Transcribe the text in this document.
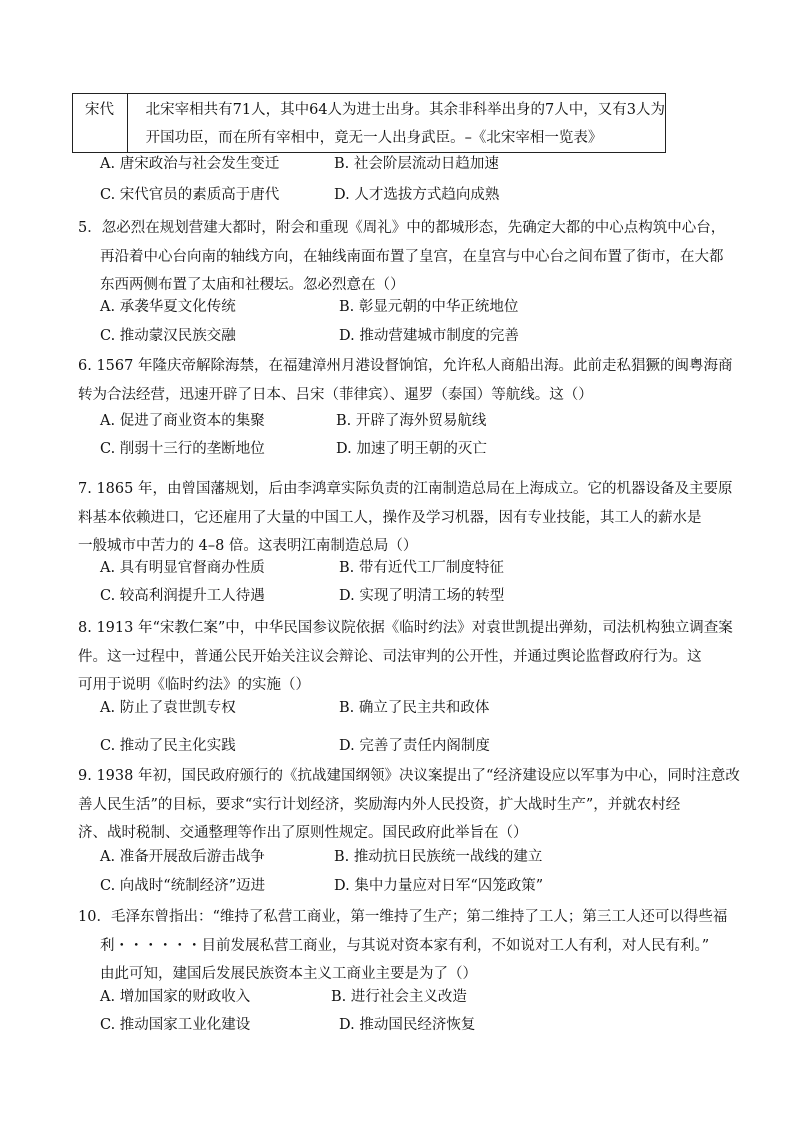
宋代	北宋宰相共有71人，其中64人为进士出身。其余非科举出身的7人中，又有3人为
开国功臣，而在所有宰相中，竟无一人出身武臣。–《北宋宰相一览表》
A. 唐宋政治与社会发生变迁	B. 社会阶层流动日趋加速
C. 宋代官员的素质高于唐代	D. 人才选拔方式趋向成熟
5．忽必烈在规划营建大都时，附会和重现《周礼》中的都城形态，先确定大都的中心点构筑中心台，
再沿着中心台向南的轴线方向，在轴线南面布置了皇宫，在皇宫与中心台之间布置了街市，在大都
东西两侧布置了太庙和社稷坛。忽必烈意在（）
A. 承袭华夏文化传统	B. 彰显元朝的中华正统地位
C. 推动蒙汉民族交融	D. 推动营建城市制度的完善
6. 1567 年隆庆帝解除海禁，在福建漳州月港设督饷馆，允许私人商船出海。此前走私猖獗的闽粤海商
转为合法经营，迅速开辟了日本、吕宋（菲律宾）、暹罗（泰国）等航线。这（）
A. 促进了商业资本的集聚	B. 开辟了海外贸易航线
C. 削弱十三行的垄断地位	D. 加速了明王朝的灭亡
7. 1865 年，由曾国藩规划，后由李鸿章实际负责的江南制造总局在上海成立。它的机器设备及主要原
料基本依赖进口，它还雇用了大量的中国工人，操作及学习机器，因有专业技能，其工人的薪水是
一般城市中苦力的 4–8 倍。这表明江南制造总局（）
A. 具有明显官督商办性质	B. 带有近代工厂制度特征
C. 较高利润提升工人待遇	D. 实现了明清工场的转型
8. 1913 年“宋教仁案”中，中华民国参议院依据《临时约法》对袁世凯提出弹劾，司法机构独立调查案
件。这一过程中，普通公民开始关注议会辩论、司法审判的公开性，并通过舆论监督政府行为。这
可用于说明《临时约法》的实施（）
A. 防止了袁世凯专权	B. 确立了民主共和政体
C. 推动了民主化实践	D. 完善了责任内阁制度
9. 1938 年初，国民政府颁行的《抗战建国纲领》决议案提出了“经济建设应以军事为中心，同时注意改
善人民生活”的目标，要求“实行计划经济，奖励海内外人民投资，扩大战时生产”，并就农村经
济、战时税制、交通整理等作出了原则性规定。国民政府此举旨在（）
A. 准备开展敌后游击战争	B. 推动抗日民族统一战线的建立
C. 向战时“统制经济”迈进	D. 集中力量应对日军“囚笼政策”
10．毛泽东曾指出：“维持了私营工商业，第一维持了生产；第二维持了工人；第三工人还可以得些福
利・・・・・・目前发展私营工商业，与其说对资本家有利，不如说对工人有利，对人民有利。”
由此可知，建国后发展民族资本主义工商业主要是为了（）
A. 增加国家的财政收入	B. 进行社会主义改造
C. 推动国家工业化建设	D. 推动国民经济恢复
